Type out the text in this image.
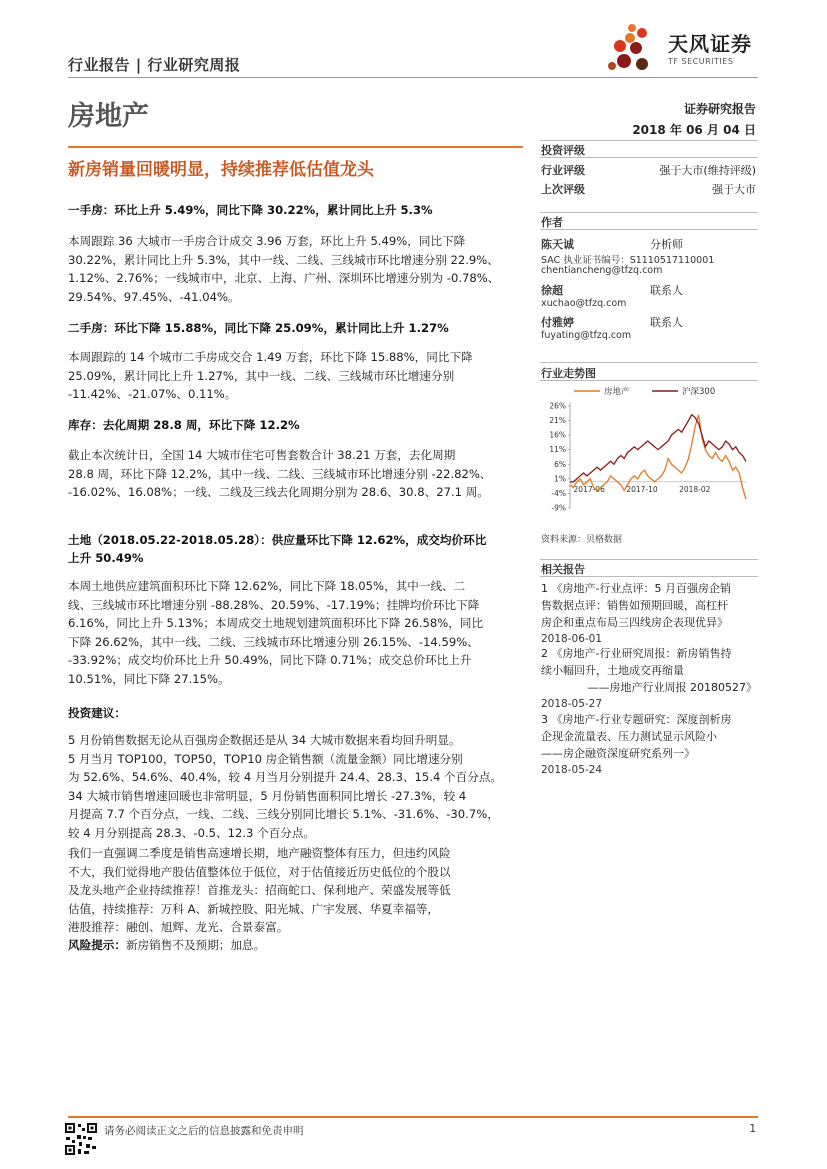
行业报告 | 行业研究周报
天风证券
TF SECURITIES
房地产	证券研究报告
2018 年 06 月 04 日
新房销量回暖明显，持续推荐低估值龙头
一手房：环比上升 5.49%，同比下降 30.22%，累计同比上升 5.3%
本周跟踪 36 大城市一手房合计成交 3.96 万套，环比上升 5.49%，同比下降
30.22%，累计同比上升 5.3%，其中一线、二线、三线城市环比增速分别 22.9%、
1.12%、2.76%；一线城市中，北京、上海、广州、深圳环比增速分别为 -0.78%、
29.54%、97.45%、-41.04%。
二手房：环比下降 15.88%，同比下降 25.09%，累计同比上升 1.27%
本周跟踪的 14 个城市二手房成交合 1.49 万套，环比下降 15.88%，同比下降
25.09%，累计同比上升 1.27%，其中一线、二线、三线城市环比增速分别
-11.42%、-21.07%、0.11%。
库存：去化周期 28.8 周，环比下降 12.2%
截止本次统计日，全国 14 大城市住宅可售套数合计 38.21 万套，去化周期
28.8 周，环比下降 12.2%，其中一线、二线、三线城市环比增速分别 -22.82%、
-16.02%、16.08%；一线、二线及三线去化周期分别为 28.6、30.8、27.1 周。
土地（2018.05.22-2018.05.28）：供应量环比下降 12.62%，成交均价环比
上升 50.49%
本周土地供应建筑面积环比下降 12.62%，同比下降 18.05%，其中一线、二
线、三线城市环比增速分别 -88.28%、20.59%、-17.19%；挂牌均价环比下降
6.16%，同比上升 5.13%；本周成交土地规划建筑面积环比下降 26.58%，同比
下降 26.62%，其中一线、二线、三线城市环比增速分别 26.15%、-14.59%、
-33.92%；成交均价环比上升 50.49%，同比下降 0.71%；成交总价环比上升
10.51%，同比下降 27.15%。
投资建议：
5 月份销售数据无论从百强房企数据还是从 34 大城市数据来看均回升明显。
5 月当月 TOP100，TOP50，TOP10 房企销售额（流量金额）同比增速分别
为 52.6%、54.6%、40.4%，较 4 月当月分别提升 24.4、28.3、15.4 个百分点。
34 大城市销售增速回暖也非常明显，5 月份销售面积同比增长 -27.3%，较 4
月提高 7.7 个百分点，一线、二线、三线分别同比增长 5.1%、-31.6%、-30.7%，
较 4 月分别提高 28.3、-0.5、12.3 个百分点。
我们一直强调二季度是销售高速增长期，地产融资整体有压力，但违约风险
不大，我们觉得地产股估值整体位于低位，对于估值接近历史低位的个股以
及龙头地产企业持续推荐！首推龙头：招商蛇口、保利地产、荣盛发展等低
估值，持续推荐：万科 A、新城控股、阳光城、广宇发展、华夏幸福等，
港股推荐：融创、旭辉、龙光、合景泰富。
风险提示：新房销售不及预期；加息。
投资评级
行业评级	强于大市(维持评级)
上次评级	强于大市
作者
陈天诚	分析师
SAC 执业证书编号：S1110517110001
chentiancheng@tfzq.com
徐超	联系人
xuchao@tfzq.com
付雅婷	联系人
fuyating@tfzq.com
行业走势图
房地产	沪深300
26%
21%
16%
11%
6%
1%
-4%
-9%
2017-06	2017-10	2018-02
资料来源：贝格数据
相关报告
1 《房地产-行业点评：5 月百强房企销
售数据点评：销售如预期回暖，高杠杆
房企和重点布局三四线房企表现优异》
2018-06-01
2 《房地产-行业研究周报：新房销售持
续小幅回升，土地成交再缩量
——房地产行业周报 20180527》
2018-05-27
3 《房地产-行业专题研究：深度剖析房
企现金流量表、压力测试显示风险小
——房企融资深度研究系列一》
2018-05-24
请务必阅读正文之后的信息披露和免责申明	1
